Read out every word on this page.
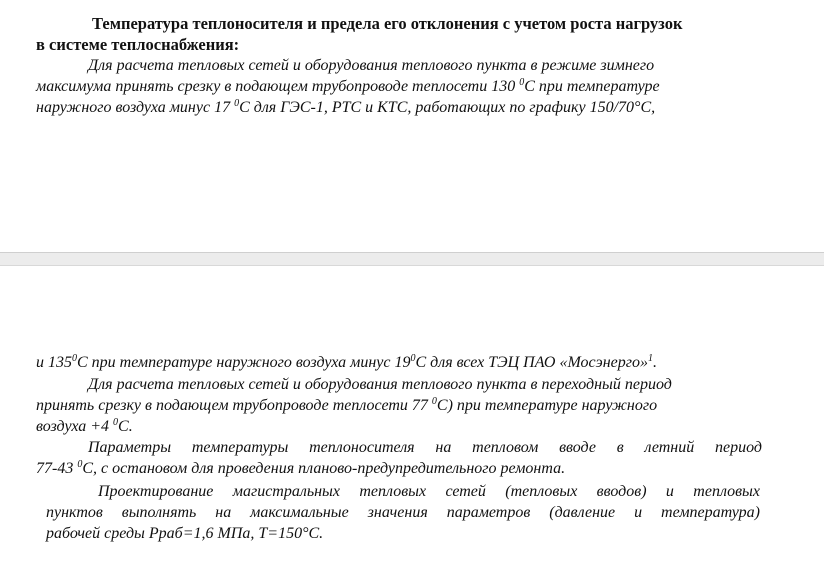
Температура теплоносителя и предела его отклонения с учетом роста нагрузок
в системе теплоснабжения:
Для расчета тепловых сетей и оборудования теплового пункта в режиме зимнего
максимума принять срезку в подающем трубопроводе теплосети 130 $^0$С при температуре
наружного воздуха минус 17 $^0$С для ГЭС-1, РТС и КТС, работающих по графику 150/70°С,
и $135^0С$ при температуре наружного воздуха минус $19^0С$ для всех ТЭЦ ПАО «Мосэнерго»$^1$.
Для расчета тепловых сетей и оборудования теплового пункта в переходный период
принять срезку в подающем трубопроводе теплосети 77 $^0$С) при температуре наружного
воздуха +4 $^0$С.
Параметры температуры теплоносителя на тепловом вводе в летний период
77-43 $^0$С, с остановом для проведения планово-предупредительного ремонта.
Проектирование магистральных тепловых сетей (тепловых вводов) и тепловых
пунктов выполнять на максимальные значения параметров (давление и температура)
рабочей среды Рраб=1,6 МПа, Т=150°С.
